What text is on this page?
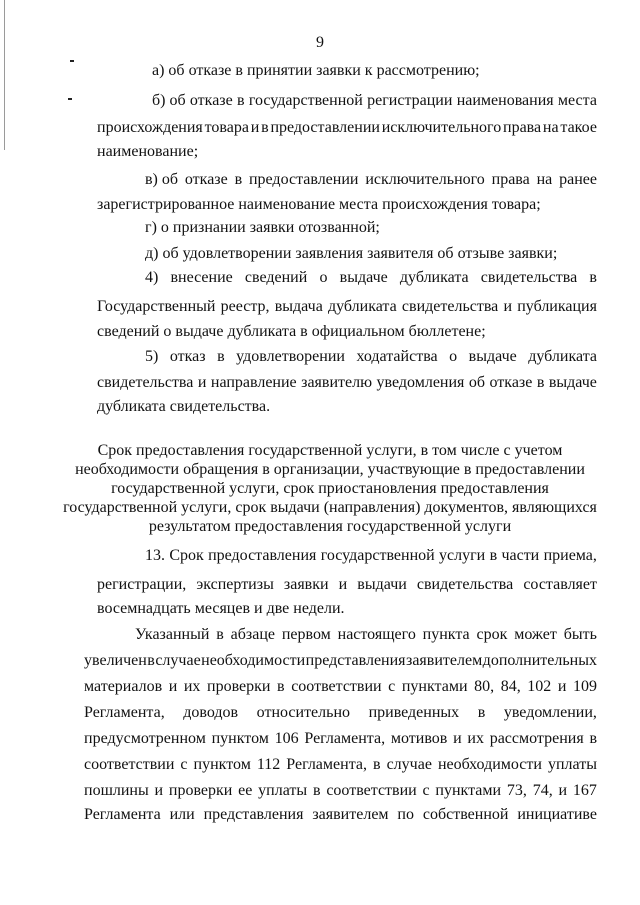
9
а) об отказе в принятии заявки к рассмотрению;
б) об отказе в государственной регистрации наименования места
происхождения товара и в предоставлении исключительного права на такое
наименование;
в) об отказе в предоставлении исключительного права на ранее
зарегистрированное наименование места происхождения товара;
г) о признании заявки отозванной;
д) об удовлетворении заявления заявителя об отзыве заявки;
4) внесение сведений о выдаче дубликата свидетельства в
Государственный реестр, выдача дубликата свидетельства и публикация
сведений о выдаче дубликата в официальном бюллетене;
5) отказ в удовлетворении ходатайства о выдаче дубликата
свидетельства и направление заявителю уведомления об отказе в выдаче
дубликата свидетельства.
Срок предоставления государственной услуги, в том числе с учетом
необходимости обращения в организации, участвующие в предоставлении
государственной услуги, срок приостановления предоставления
государственной услуги, срок выдачи (направления) документов, являющихся
результатом предоставления государственной услуги
13. Срок предоставления государственной услуги в части приема,
регистрации, экспертизы заявки и выдачи свидетельства составляет
восемнадцать месяцев и две недели.
Указанный в абзаце первом настоящего пункта срок может быть
увеличен в случае необходимости представления заявителем дополнительных
материалов и их проверки в соответствии с пунктами 80, 84, 102 и 109
Регламента, доводов относительно приведенных в уведомлении,
предусмотренном пунктом 106 Регламента, мотивов и их рассмотрения в
соответствии с пунктом 112 Регламента, в случае необходимости уплаты
пошлины и проверки ее уплаты в соответствии с пунктами 73, 74, и 167
Регламента или представления заявителем по собственной инициативе
